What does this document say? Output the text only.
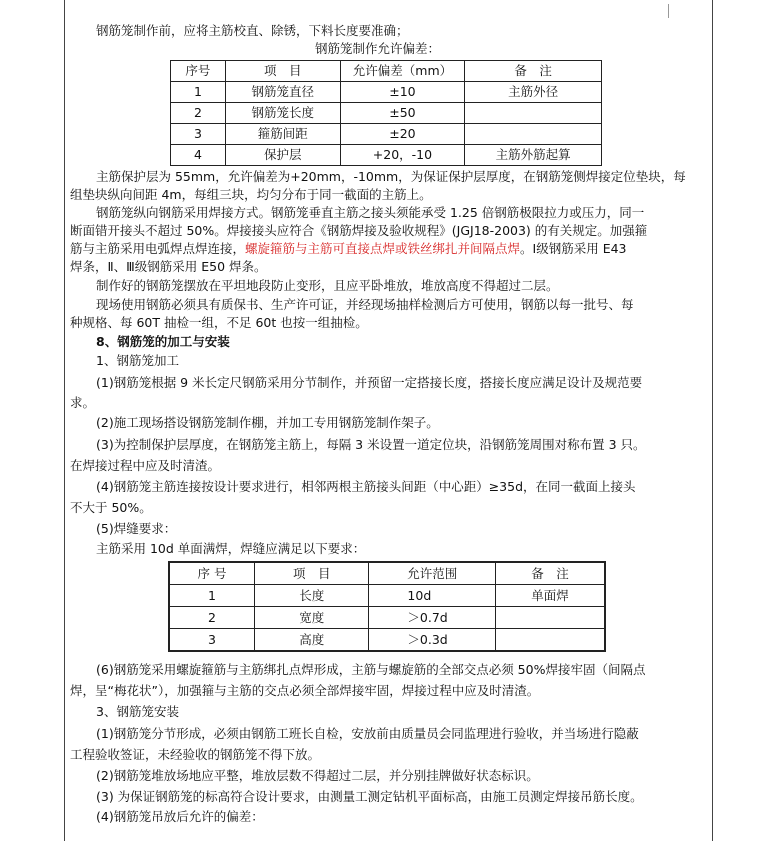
钢筋笼制作前，应将主筋校直、除锈，下料长度要准确；
钢筋笼制作允许偏差：
序号	项　目	允许偏差（mm）	备　注
1	钢筋笼直径	±10	主筋外径
2	钢筋笼长度	±50	
3	箍筋间距	±20	
4	保护层	+20，-10	主筋外筋起算
主筋保护层为 55mm，允许偏差为+20mm，-10mm，为保证保护层厚度，在钢筋笼侧焊接定位垫块，每
组垫块纵向间距 4m，每组三块，均匀分布于同一截面的主筋上。
钢筋笼纵向钢筋采用焊接方式。钢筋笼垂直主筋之接头须能承受 1.25 倍钢筋极限拉力或压力，同一
断面错开接头不超过 50%。焊接接头应符合《钢筋焊接及验收规程》(JGJ18-2003) 的有关规定。加强箍
筋与主筋采用电弧焊点焊连接，螺旋箍筋与主筋可直接点焊或铁丝绑扎并间隔点焊。Ⅰ级钢筋采用 E43
焊条，Ⅱ、Ⅲ级钢筋采用 E50 焊条。
制作好的钢筋笼摆放在平坦地段防止变形，且应平卧堆放，堆放高度不得超过二层。
现场使用钢筋必须具有质保书、生产许可证，并经现场抽样检测后方可使用，钢筋以每一批号、每
种规格、每 60T 抽检一组，不足 60t 也按一组抽检。
8、钢筋笼的加工与安装
1、钢筋笼加工
(1)钢筋笼根据 9 米长定尺钢筋采用分节制作，并预留一定搭接长度，搭接长度应满足设计及规范要
求。
(2)施工现场搭设钢筋笼制作棚，并加工专用钢筋笼制作架子。
(3)为控制保护层厚度，在钢筋笼主筋上，每隔 3 米设置一道定位块，沿钢筋笼周围对称布置 3 只。
在焊接过程中应及时清渣。
(4)钢筋笼主筋连接按设计要求进行，相邻两根主筋接头间距（中心距）≥35d，在同一截面上接头
不大于 50%。
(5)焊缝要求：
主筋采用 10d 单面满焊，焊缝应满足以下要求：
序 号	项　目	允许范围	备　注
1	长度	10d	单面焊
2	宽度	＞0.7d	
3	高度	＞0.3d	
(6)钢筋笼采用螺旋箍筋与主筋绑扎点焊形成，主筋与螺旋筋的全部交点必须 50%焊接牢固（间隔点
焊，呈“梅花状”），加强箍与主筋的交点必须全部焊接牢固，焊接过程中应及时清渣。
3、钢筋笼安装
(1)钢筋笼分节形成，必须由钢筋工班长自检，安放前由质量员会同监理进行验收，并当场进行隐蔽
工程验收签证，未经验收的钢筋笼不得下放。
(2)钢筋笼堆放场地应平整，堆放层数不得超过二层，并分别挂牌做好状态标识。
(3) 为保证钢筋笼的标高符合设计要求，由测量工测定钻机平面标高，由施工员测定焊接吊筋长度。
(4)钢筋笼吊放后允许的偏差：
